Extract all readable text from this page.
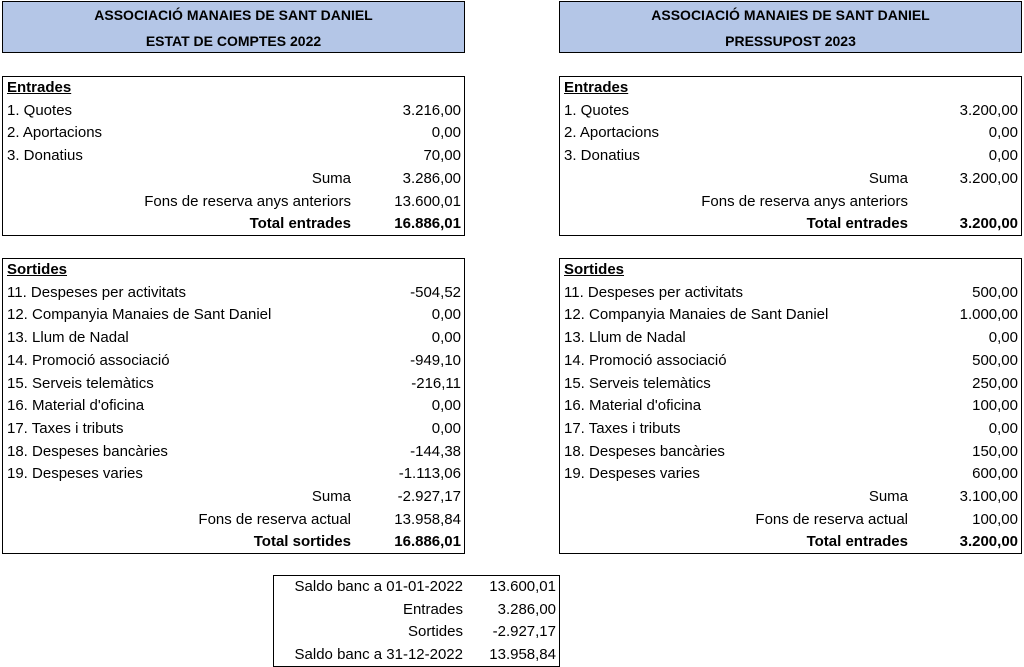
ASSOCIACIÓ MANAIES DE SANT DANIEL
ESTAT DE COMPTES 2022
ASSOCIACIÓ MANAIES DE SANT DANIEL
PRESSUPOST 2023
Entrades
1. Quotes	3.216,00
2. Aportacions	0,00
3. Donatius	70,00
Suma	3.286,00
Fons de reserva anys anteriors	13.600,01
Total entrades	16.886,01
Entrades
1. Quotes	3.200,00
2. Aportacions	0,00
3. Donatius	0,00
Suma	3.200,00
Fons de reserva anys anteriors
Total entrades	3.200,00
Sortides
11. Despeses per activitats	-504,52
12. Companyia Manaies de Sant Daniel	0,00
13. Llum de Nadal	0,00
14. Promoció associació	-949,10
15. Serveis telemàtics	-216,11
16. Material d'oficina	0,00
17. Taxes i tributs	0,00
18. Despeses bancàries	-144,38
19. Despeses varies	-1.113,06
Suma	-2.927,17
Fons de reserva actual	13.958,84
Total sortides	16.886,01
Sortides
11. Despeses per activitats	500,00
12. Companyia Manaies de Sant Daniel	1.000,00
13. Llum de Nadal	0,00
14. Promoció associació	500,00
15. Serveis telemàtics	250,00
16. Material d'oficina	100,00
17. Taxes i tributs	0,00
18. Despeses bancàries	150,00
19. Despeses varies	600,00
Suma	3.100,00
Fons de reserva actual	100,00
Total entrades	3.200,00
Saldo banc a 01-01-2022 13.600,01
Entrades 3.286,00
Sortides -2.927,17
Saldo banc a 31-12-2022 13.958,84
